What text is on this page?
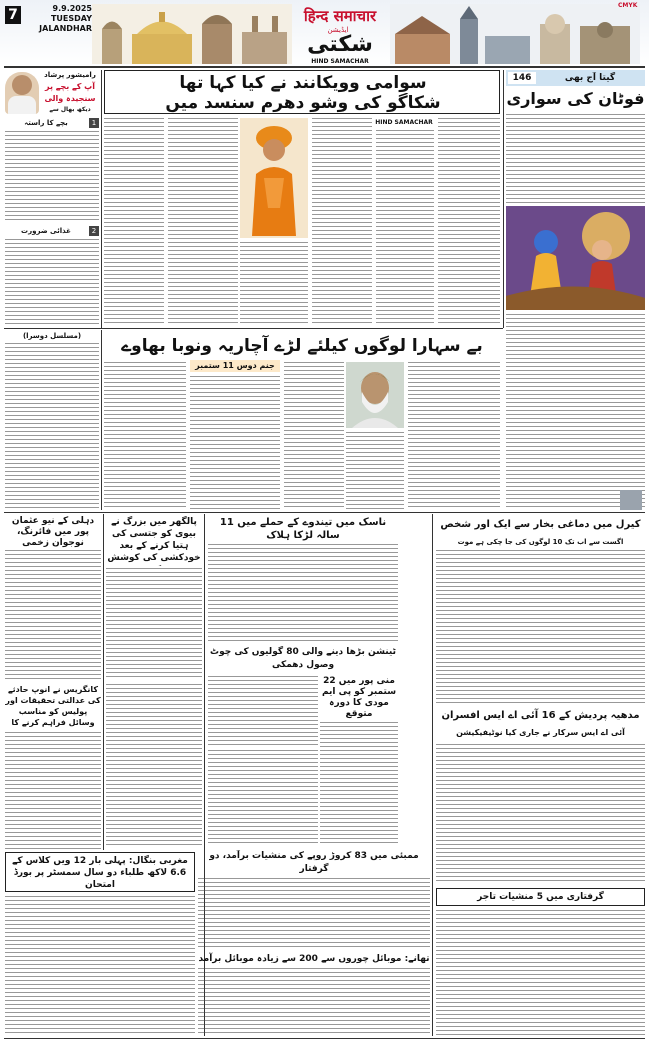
7	9.9.2025
TUESDAY
JALANDHAR
हिन्द समाचार
ایڈیشن
شکتی
HIND SAMACHAR
CMYK
رامیشور پرشاد
آپ کے بچے پر
سنجیدہ والی
دیکھ بھال سے
1
بچے کا راستہ
2
غذائی ضرورت
سوامی وویکانند نے کیا کہا تھا
شکاگو کی وشو دھرم سنسد میں
HIND SAMACHAR
146	گیتا آج بھی
فوٹان کی سواری
(مسلسل دوسرا)	بے سہارا لوگوں کیلئے لڑے آچاریہ ونوبا بھاوے
جنم دوس 11 ستمبر
دہلی کے نیو عثمان پور میں فائرنگ، نوجوان زخمی
کانگریس نے انوپ حادثے کی عدالتی تحقیقات اور پولیس کو مناسب وسائل فراہم کرنے کا
مغربی بنگال: پہلی بار 12 ویں کلاس کے 6.6 لاکھ طلباء دو سال سمسٹر پر بورڈ امتحان
پالگھر میں بزرگ نے بیوی کو جتسی کی ہتیا کرنے کے بعد خودکشی کی کوشش
ناسک میں تیندوے کے حملے میں 11 سالہ لڑکا ہلاک
ٹینشن بڑھا دینے والی 80 گولیوں کی چوٹ وصول دھمکی
منی پور میں 22 ستمبر کو پی ایم مودی کا دورہ متوقع
ممبئی میں 83 کروڑ روپے کی منشیات برآمد، دو گرفتار
تھانے: موبائل چوروں سے 200 سے زیادہ موبائل برآمد
کیرل میں دماغی بخار سے ایک اور شخص
اگست سے اب تک 10 لوگوں کی جا چکی ہے موت
مدھیہ پردیش کے 16 آئی اے ایس افسران
آئی اے ایس سرکار نے جاری کیا نوٹیفیکیشن
گرفتاری میں 5 منشیات تاجر
